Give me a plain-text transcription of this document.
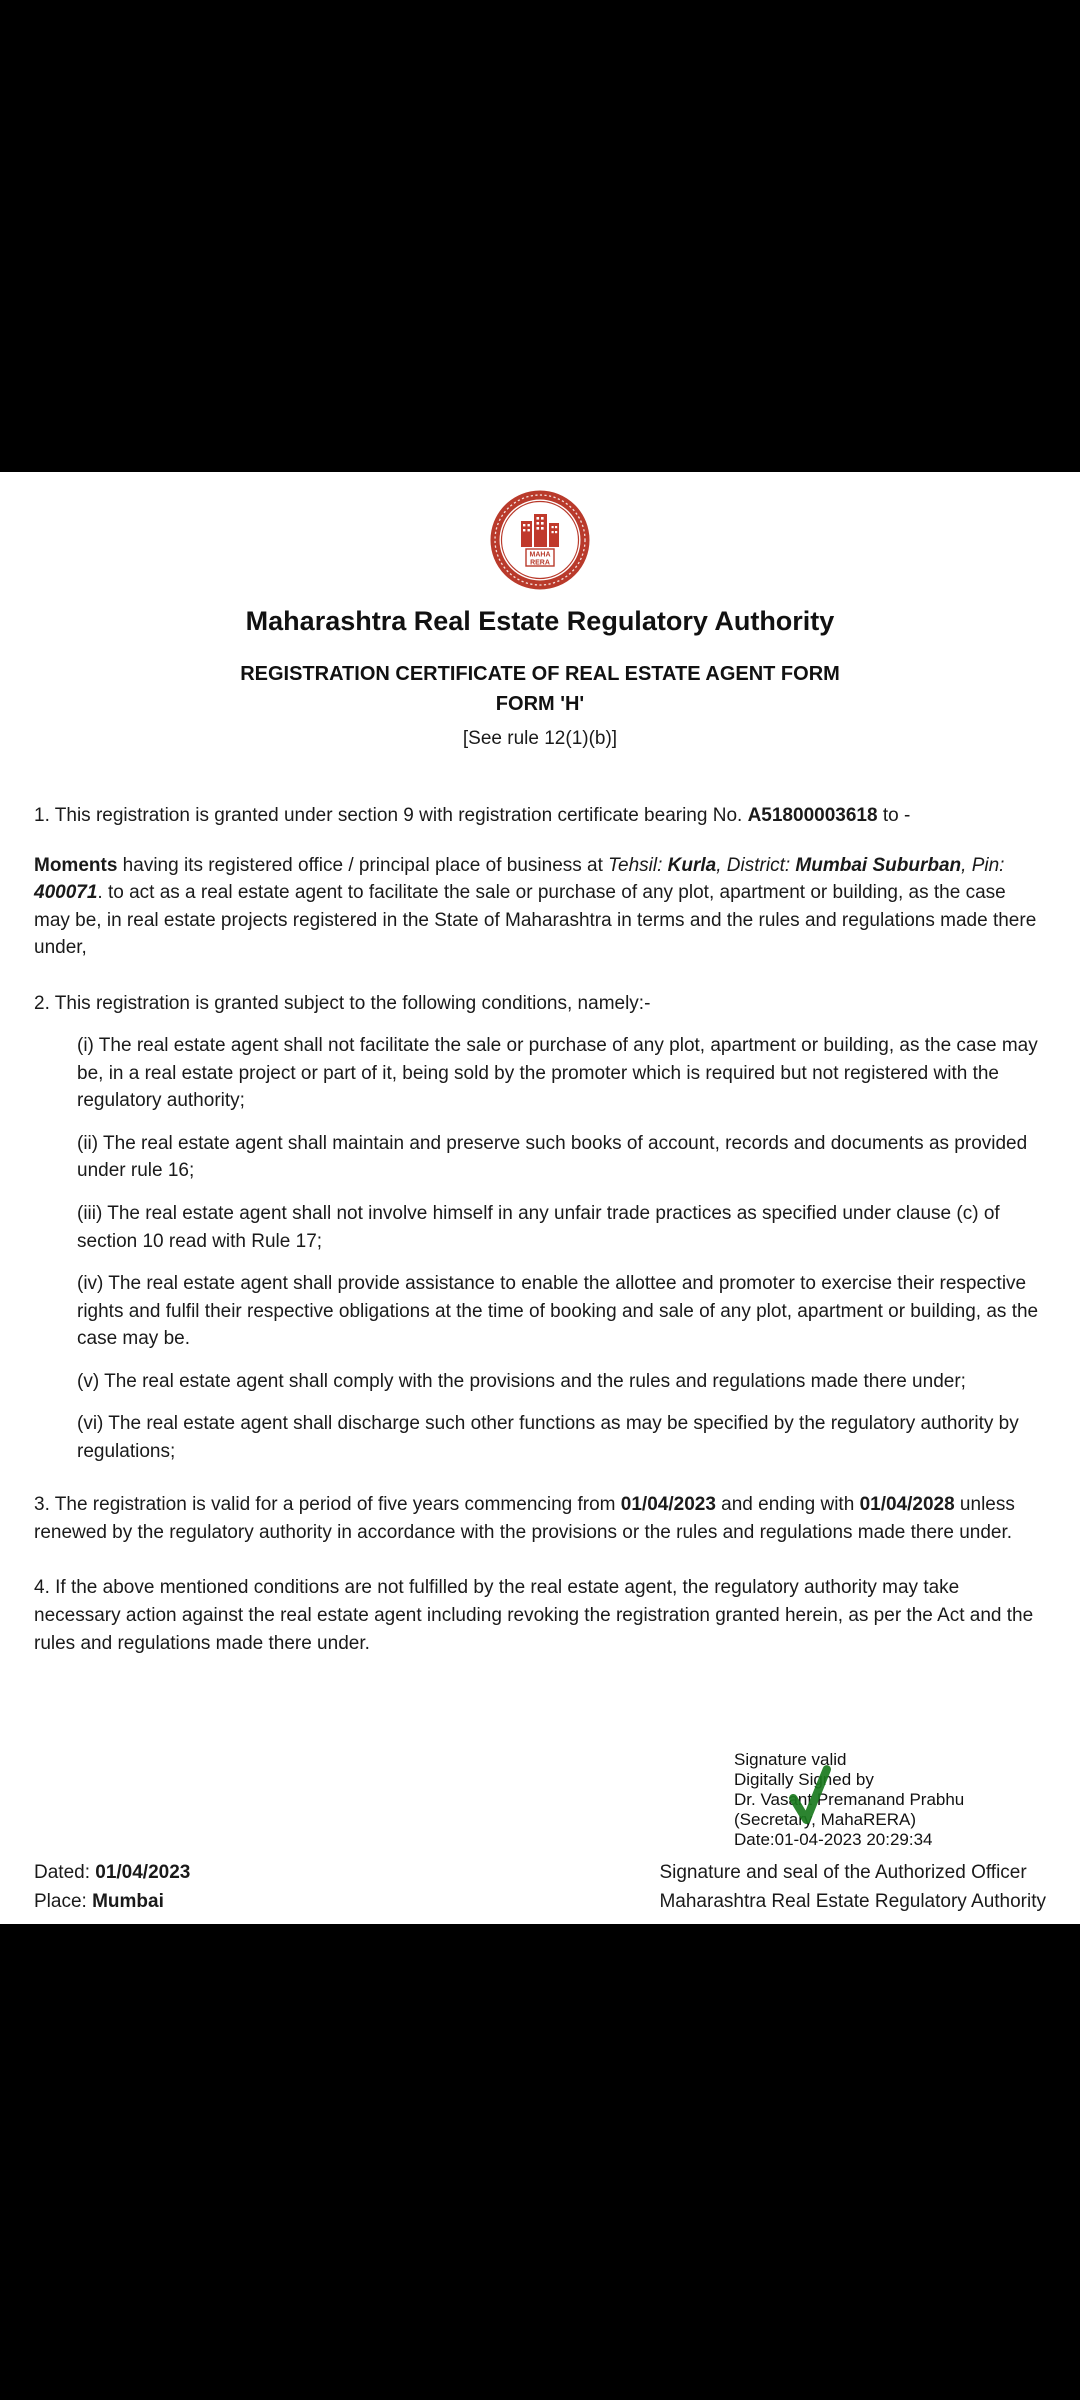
MAHA
RERA
Maharashtra Real Estate Regulatory Authority
REGISTRATION CERTIFICATE OF REAL ESTATE AGENT FORM
FORM 'H'
[See rule 12(1)(b)]
1. This registration is granted under section 9 with registration certificate bearing No. A51800003618 to -
Moments having its registered office / principal place of business at Tehsil: Kurla, District: Mumbai Suburban, Pin: 400071. to act as a real estate agent to facilitate the sale or purchase of any plot, apartment or building, as the case may be, in real estate projects registered in the State of Maharashtra in terms and the rules and regulations made there under,
2. This registration is granted subject to the following conditions, namely:-
(i) The real estate agent shall not facilitate the sale or purchase of any plot, apartment or building, as the case may be, in a real estate project or part of it, being sold by the promoter which is required but not registered with the regulatory authority;
(ii) The real estate agent shall maintain and preserve such books of account, records and documents as provided under rule 16;
(iii) The real estate agent shall not involve himself in any unfair trade practices as specified under clause (c) of section 10 read with Rule 17;
(iv) The real estate agent shall provide assistance to enable the allottee and promoter to exercise their respective rights and fulfil their respective obligations at the time of booking and sale of any plot, apartment or building, as the case may be.
(v) The real estate agent shall comply with the provisions and the rules and regulations made there under;
(vi) The real estate agent shall discharge such other functions as may be specified by the regulatory authority by regulations;
3. The registration is valid for a period of five years commencing from 01/04/2023 and ending with 01/04/2028 unless renewed by the regulatory authority in accordance with the provisions or the rules and regulations made there under.
4. If the above mentioned conditions are not fulfilled by the real estate agent, the regulatory authority may take necessary action against the real estate agent including revoking the registration granted herein, as per the Act and the rules and regulations made there under.
Signature valid
Digitally Signed by
Dr. Vasant Premanand Prabhu
(Secretary, MahaRERA)
Date:01-04-2023 20:29:34
Dated: 01/04/2023
Place: Mumbai
Signature and seal of the Authorized Officer
Maharashtra Real Estate Regulatory Authority
